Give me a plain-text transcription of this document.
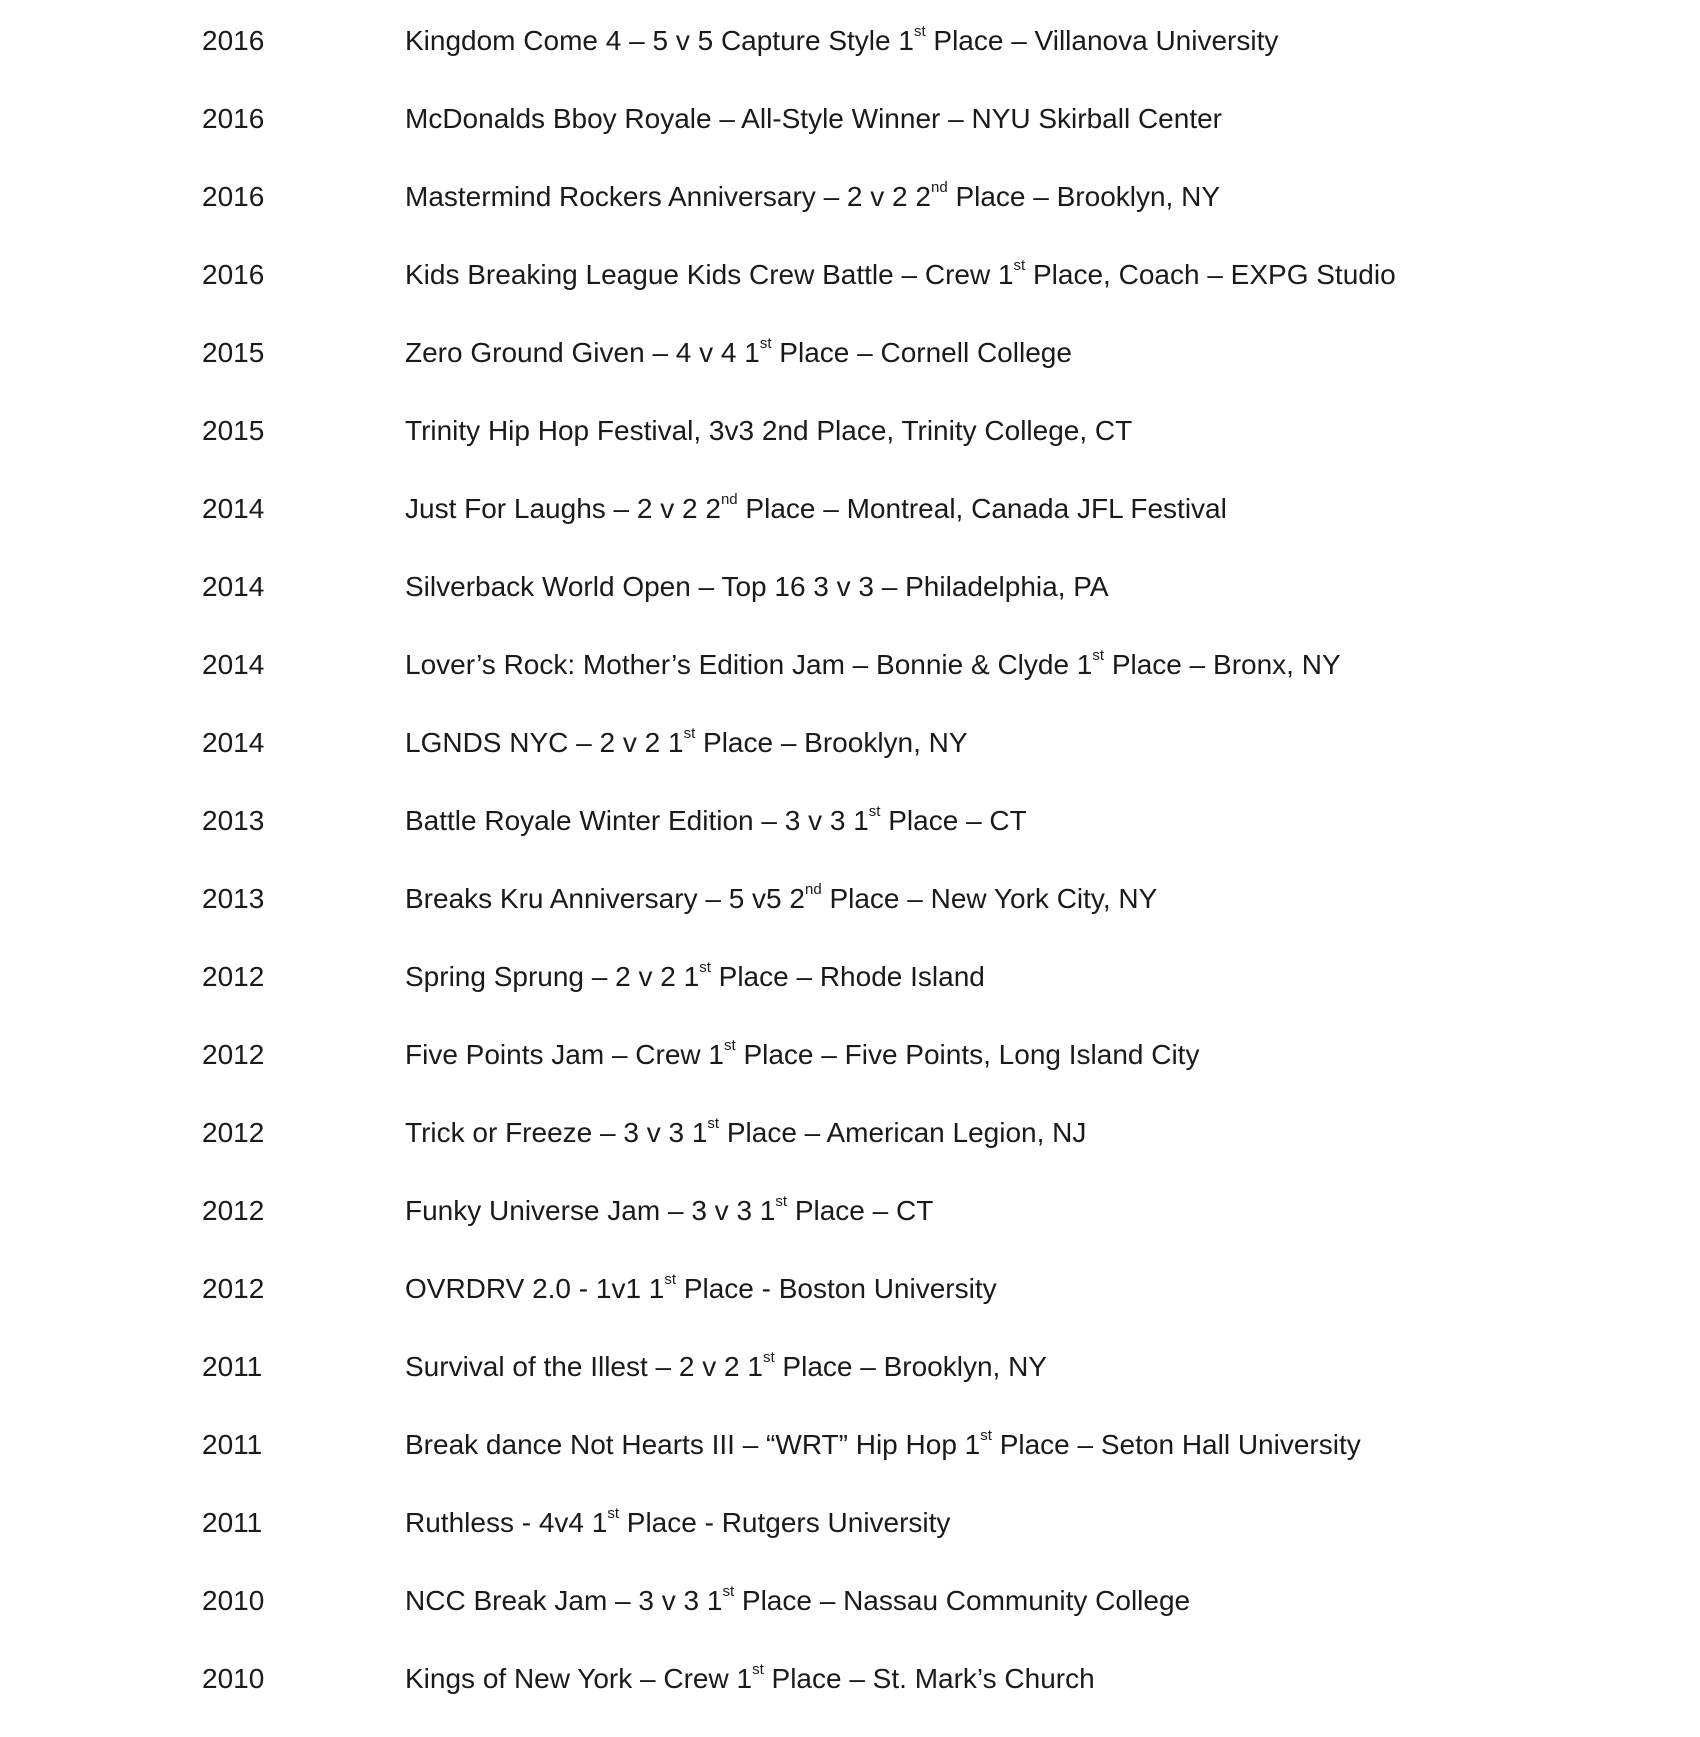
2016	Kingdom Come 4 – 5 v 5 Capture Style 1st Place – Villanova University
2016	McDonalds Bboy Royale – All-Style Winner – NYU Skirball Center
2016	Mastermind Rockers Anniversary – 2 v 2 2nd Place – Brooklyn, NY
2016	Kids Breaking League Kids Crew Battle – Crew 1st Place, Coach – EXPG Studio
2015	Zero Ground Given – 4 v 4 1st Place – Cornell College
2015	Trinity Hip Hop Festival, 3v3 2nd Place, Trinity College, CT
2014	Just For Laughs – 2 v 2 2nd Place – Montreal, Canada JFL Festival
2014	Silverback World Open – Top 16 3 v 3 – Philadelphia, PA
2014	Lover’s Rock: Mother’s Edition Jam – Bonnie & Clyde 1st Place – Bronx, NY
2014	LGNDS NYC – 2 v 2 1st Place – Brooklyn, NY
2013	Battle Royale Winter Edition – 3 v 3 1st Place – CT
2013	Breaks Kru Anniversary – 5 v5 2nd Place – New York City, NY
2012	Spring Sprung – 2 v 2 1st Place – Rhode Island
2012	Five Points Jam – Crew 1st Place – Five Points, Long Island City
2012	Trick or Freeze – 3 v 3 1st Place – American Legion, NJ
2012	Funky Universe Jam – 3 v 3 1st Place – CT
2012	OVRDRV 2.0 - 1v1 1st Place - Boston University
2011	Survival of the Illest – 2 v 2 1st Place – Brooklyn, NY
2011	Break dance Not Hearts III – “WRT” Hip Hop 1st Place – Seton Hall University
2011	Ruthless - 4v4 1st Place - Rutgers University
2010	NCC Break Jam – 3 v 3 1st Place – Nassau Community College
2010	Kings of New York – Crew 1st Place – St. Mark’s Church
